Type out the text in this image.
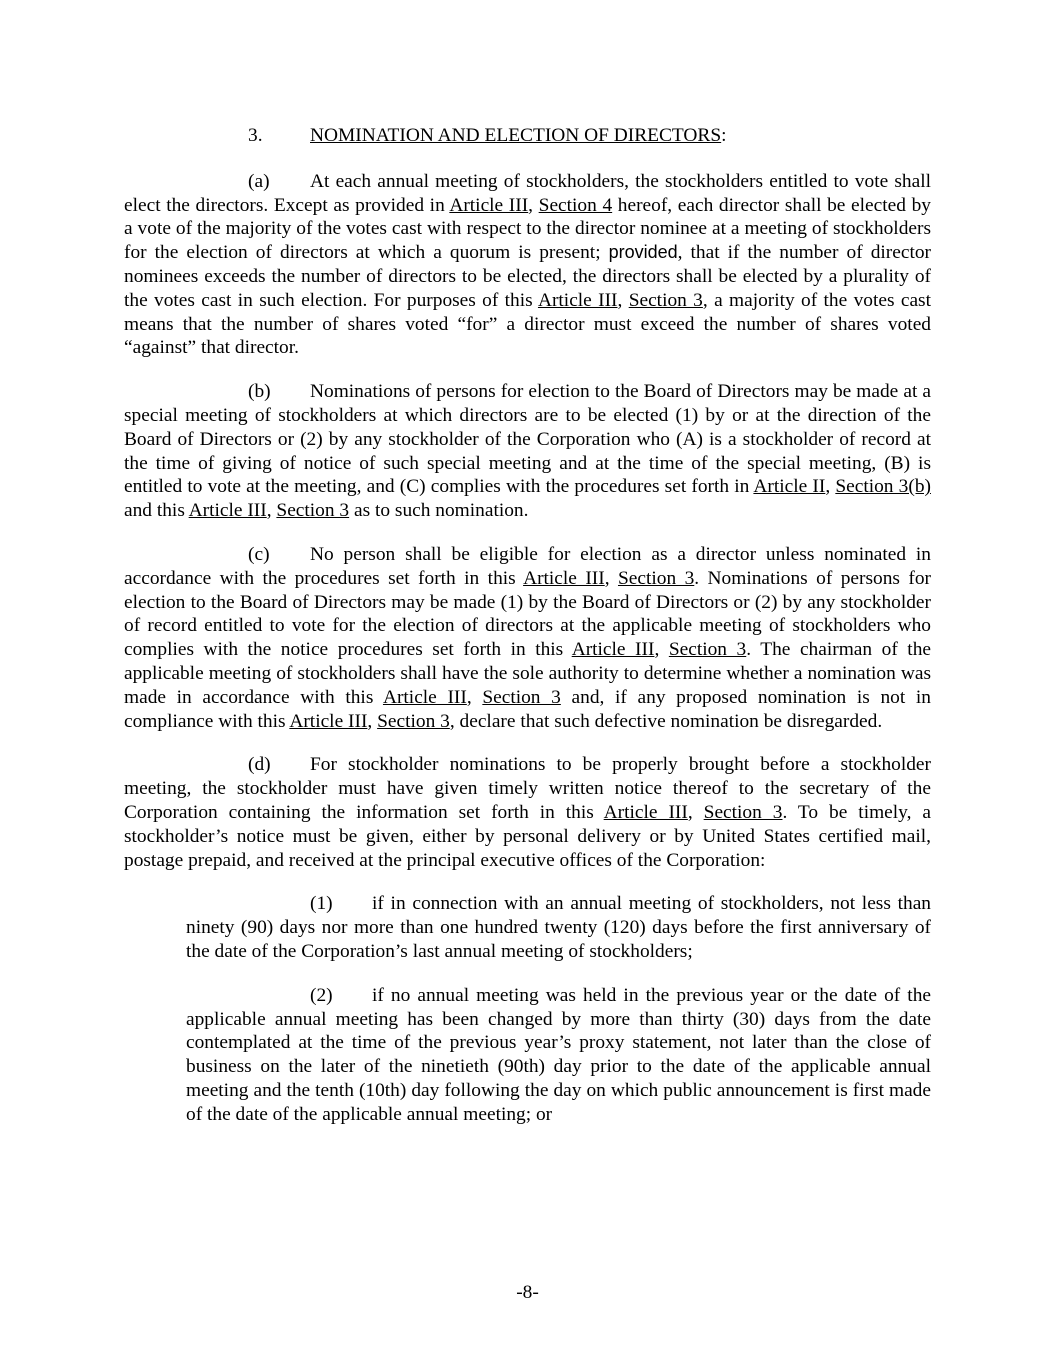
3. NOMINATION AND ELECTION OF DIRECTORS:

(a) At each annual meeting of stockholders, the stockholders entitled to vote shall elect the directors. Except as provided in Article III, Section 4 hereof, each director shall be elected by a vote of the majority of the votes cast with respect to the director nominee at a meeting of stockholders for the election of directors at which a quorum is present; provided, that if the number of director nominees exceeds the number of directors to be elected, the directors shall be elected by a plurality of the votes cast in such election. For purposes of this Article III, Section 3, a majority of the votes cast means that the number of shares voted “for” a director must exceed the number of shares voted “against” that director.

(b) Nominations of persons for election to the Board of Directors may be made at a special meeting of stockholders at which directors are to be elected (1) by or at the direction of the Board of Directors or (2) by any stockholder of the Corporation who (A) is a stockholder of record at the time of giving of notice of such special meeting and at the time of the special meeting, (B) is entitled to vote at the meeting, and (C) complies with the procedures set forth in Article II, Section 3(b) and this Article III, Section 3 as to such nomination.

(c) No person shall be eligible for election as a director unless nominated in accordance with the procedures set forth in this Article III, Section 3. Nominations of persons for election to the Board of Directors may be made (1) by the Board of Directors or (2) by any stockholder of record entitled to vote for the election of directors at the applicable meeting of stockholders who complies with the notice procedures set forth in this Article III, Section 3. The chairman of the applicable meeting of stockholders shall have the sole authority to determine whether a nomination was made in accordance with this Article III, Section 3 and, if any proposed nomination is not in compliance with this Article III, Section 3, declare that such defective nomination be disregarded.

(d) For stockholder nominations to be properly brought before a stockholder meeting, the stockholder must have given timely written notice thereof to the secretary of the Corporation containing the information set forth in this Article III, Section 3. To be timely, a stockholder’s notice must be given, either by personal delivery or by United States certified mail, postage prepaid, and received at the principal executive offices of the Corporation:

(1) if in connection with an annual meeting of stockholders, not less than ninety (90) days nor more than one hundred twenty (120) days before the first anniversary of the date of the Corporation’s last annual meeting of stockholders;

(2) if no annual meeting was held in the previous year or the date of the applicable annual meeting has been changed by more than thirty (30) days from the date contemplated at the time of the previous year’s proxy statement, not later than the close of business on the later of the ninetieth (90th) day prior to the date of the applicable annual meeting and the tenth (10th) day following the day on which public announcement is first made of the date of the applicable annual meeting; or

-8-
